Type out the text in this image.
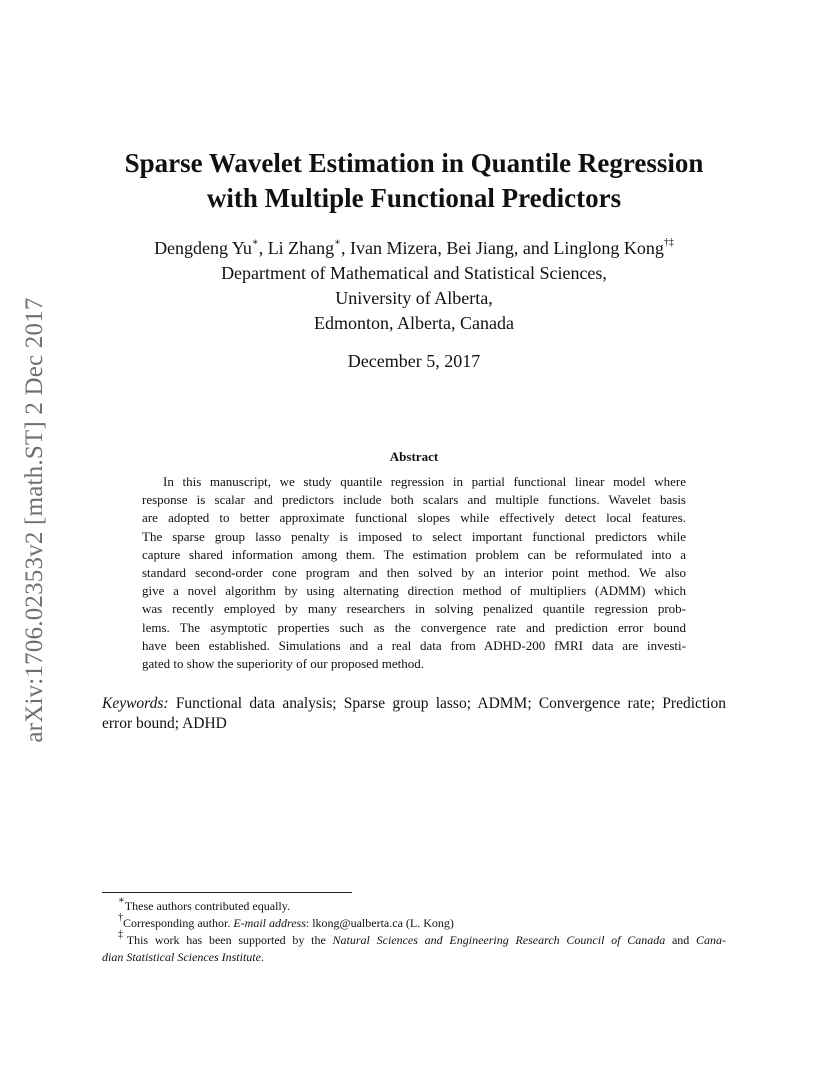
arXiv:1706.02353v2 [math.ST] 2 Dec 2017
Sparse Wavelet Estimation in Quantile Regression
with Multiple Functional Predictors
Dengdeng Yu∗, Li Zhang∗, Ivan Mizera, Bei Jiang, and Linglong Kong†‡
Department of Mathematical and Statistical Sciences,
University of Alberta,
Edmonton, Alberta, Canada
December 5, 2017
Abstract
In this manuscript, we study quantile regression in partial functional linear model where
response is scalar and predictors include both scalars and multiple functions. Wavelet basis
are adopted to better approximate functional slopes while effectively detect local features.
The sparse group lasso penalty is imposed to select important functional predictors while
capture shared information among them. The estimation problem can be reformulated into a
standard second-order cone program and then solved by an interior point method. We also
give a novel algorithm by using alternating direction method of multipliers (ADMM) which
was recently employed by many researchers in solving penalized quantile regression prob-
lems. The asymptotic properties such as the convergence rate and prediction error bound
have been established. Simulations and a real data from ADHD-200 fMRI data are investi-
gated to show the superiority of our proposed method.
Keywords: Functional data analysis; Sparse group lasso; ADMM; Convergence rate; Prediction
error bound; ADHD
∗These authors contributed equally.
†Corresponding author. E-mail address: lkong@ualberta.ca (L. Kong)
‡This work has been supported by the Natural Sciences and Engineering Research Council of Canada and Cana-
dian Statistical Sciences Institute.
